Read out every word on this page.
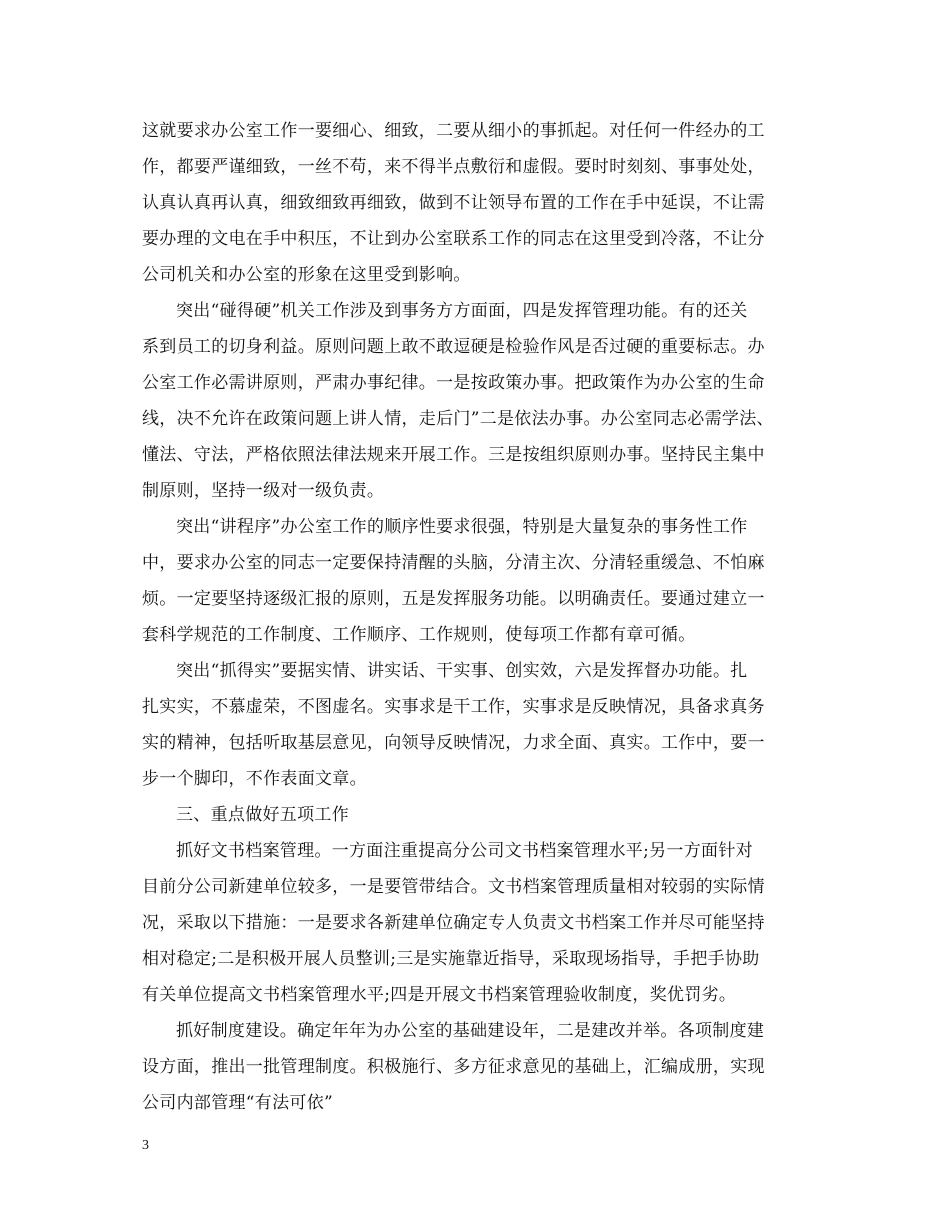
这就要求办公室工作一要细心、细致，二要从细小的事抓起。对任何一件经办的工
作，都要严谨细致，一丝不苟，来不得半点敷衍和虚假。要时时刻刻、事事处处，
认真认真再认真，细致细致再细致，做到不让领导布置的工作在手中延误，不让需
要办理的文电在手中积压，不让到办公室联系工作的同志在这里受到冷落，不让分
公司机关和办公室的形象在这里受到影响。
突出“碰得硬”机关工作涉及到事务方方面面，四是发挥管理功能。有的还关
系到员工的切身利益。原则问题上敢不敢逗硬是检验作风是否过硬的重要标志。办
公室工作必需讲原则，严肃办事纪律。一是按政策办事。把政策作为办公室的生命
线，决不允许在政策问题上讲人情，走后门”二是依法办事。办公室同志必需学法、
懂法、守法，严格依照法律法规来开展工作。三是按组织原则办事。坚持民主集中
制原则，坚持一级对一级负责。
突出“讲程序”办公室工作的顺序性要求很强，特别是大量复杂的事务性工作
中，要求办公室的同志一定要保持清醒的头脑，分清主次、分清轻重缓急、不怕麻
烦。一定要坚持逐级汇报的原则，五是发挥服务功能。以明确责任。要通过建立一
套科学规范的工作制度、工作顺序、工作规则，使每项工作都有章可循。
突出“抓得实”要据实情、讲实话、干实事、创实效，六是发挥督办功能。扎
扎实实，不慕虚荣，不图虚名。实事求是干工作，实事求是反映情况，具备求真务
实的精神，包括听取基层意见，向领导反映情况，力求全面、真实。工作中，要一
步一个脚印，不作表面文章。
三、重点做好五项工作
抓好文书档案管理。一方面注重提高分公司文书档案管理水平;另一方面针对
目前分公司新建单位较多，一是要管带结合。文书档案管理质量相对较弱的实际情
况，采取以下措施：一是要求各新建单位确定专人负责文书档案工作并尽可能坚持
相对稳定;二是积极开展人员整训;三是实施靠近指导，采取现场指导，手把手协助
有关单位提高文书档案管理水平;四是开展文书档案管理验收制度，奖优罚劣。
抓好制度建设。确定年年为办公室的基础建设年，二是建改并举。各项制度建
设方面，推出一批管理制度。积极施行、多方征求意见的基础上，汇编成册，实现
公司内部管理“有法可依”
3
